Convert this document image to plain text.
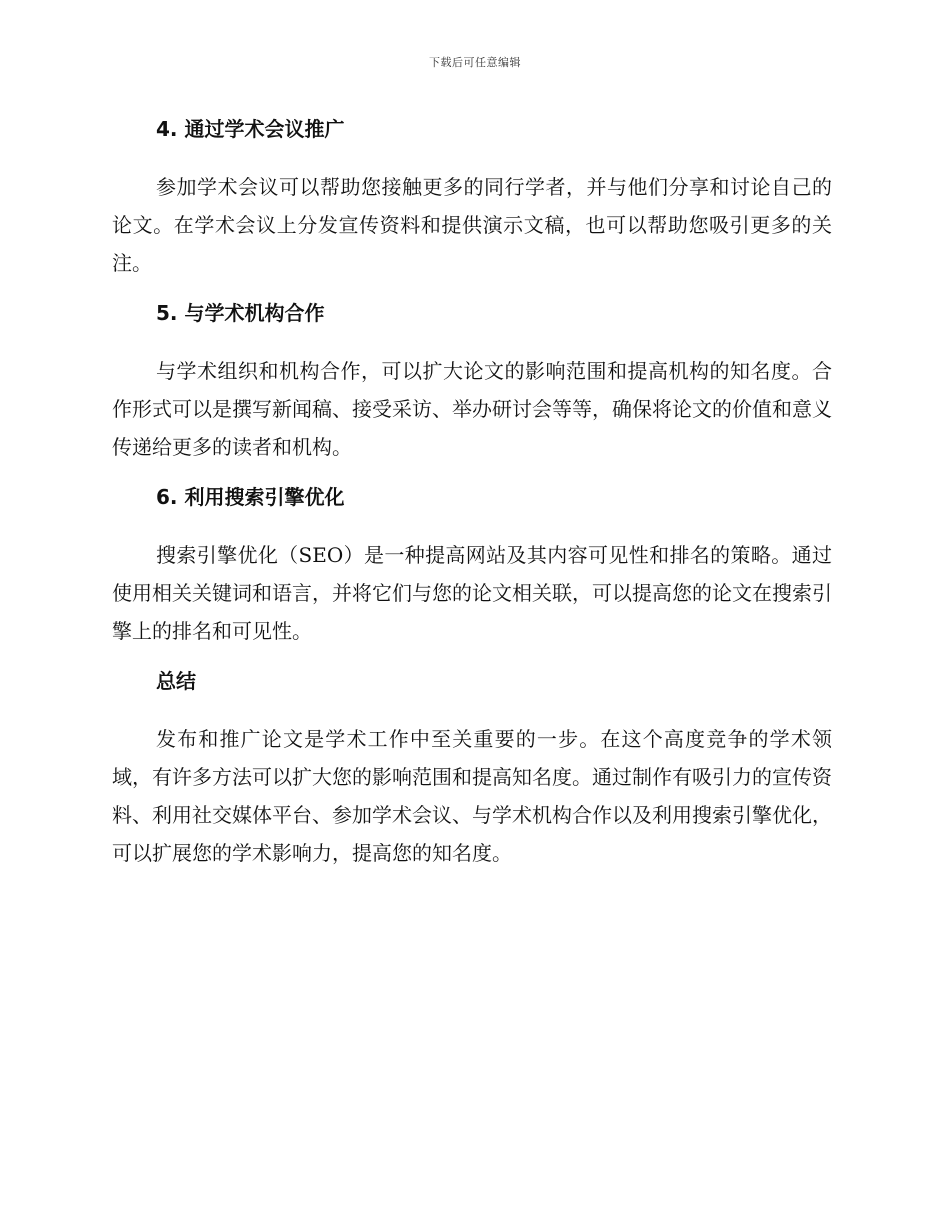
下载后可任意编辑
4. 通过学术会议推广

参加学术会议可以帮助您接触更多的同行学者，并与他们分享和讨论自己的论文。在学术会议上分发宣传资料和提供演示文稿，也可以帮助您吸引更多的关注。

5. 与学术机构合作

与学术组织和机构合作，可以扩大论文的影响范围和提高机构的知名度。合作形式可以是撰写新闻稿、接受采访、举办研讨会等等，确保将论文的价值和意义传递给更多的读者和机构。

6. 利用搜索引擎优化

搜索引擎优化（SEO）是一种提高网站及其内容可见性和排名的策略。通过使用相关关键词和语言，并将它们与您的论文相关联，可以提高您的论文在搜索引擎上的排名和可见性。

总结

发布和推广论文是学术工作中至关重要的一步。在这个高度竞争的学术领域，有许多方法可以扩大您的影响范围和提高知名度。通过制作有吸引力的宣传资料、利用社交媒体平台、参加学术会议、与学术机构合作以及利用搜索引擎优化，可以扩展您的学术影响力，提高您的知名度。
